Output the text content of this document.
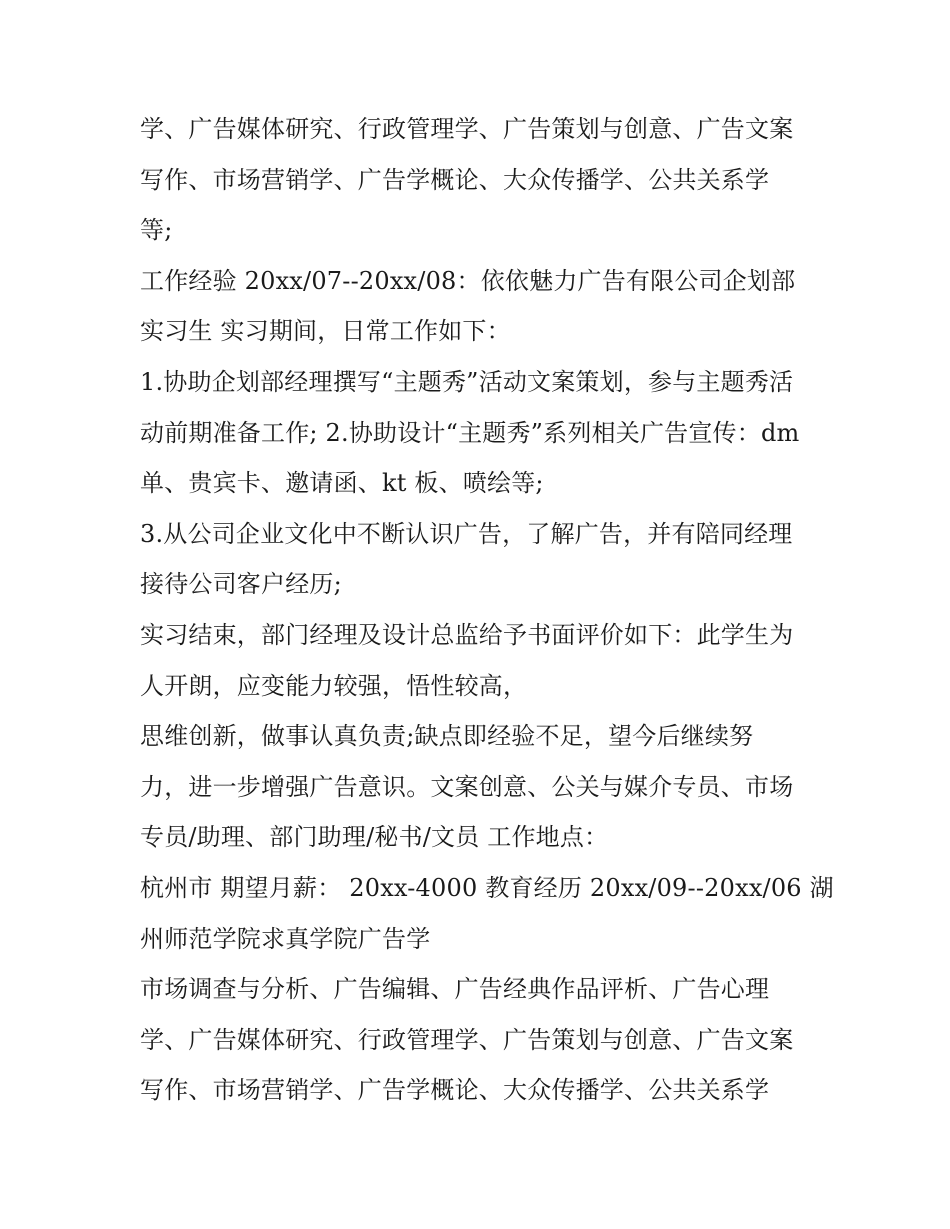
学、广告媒体研究、行政管理学、广告策划与创意、广告文案
写作、市场营销学、广告学概论、大众传播学、公共关系学
等;
工作经验 20xx/07--20xx/08：依依魅力广告有限公司企划部
实习生 实习期间，日常工作如下：
1.协助企划部经理撰写“主题秀”活动文案策划，参与主题秀活
动前期准备工作; 2.协助设计“主题秀”系列相关广告宣传：dm
单、贵宾卡、邀请函、kt 板、喷绘等;
3.从公司企业文化中不断认识广告，了解广告，并有陪同经理
接待公司客户经历;
实习结束，部门经理及设计总监给予书面评价如下：此学生为
人开朗，应变能力较强，悟性较高，
思维创新，做事认真负责;缺点即经验不足，望今后继续努
力，进一步增强广告意识。文案创意、公关与媒介专员、市场
专员/助理、部门助理/秘书/文员 工作地点：
杭州市 期望月薪： 20xx-4000 教育经历 20xx/09--20xx/06 湖
州师范学院求真学院广告学
市场调查与分析、广告编辑、广告经典作品评析、广告心理
学、广告媒体研究、行政管理学、广告策划与创意、广告文案
写作、市场营销学、广告学概论、大众传播学、公共关系学
